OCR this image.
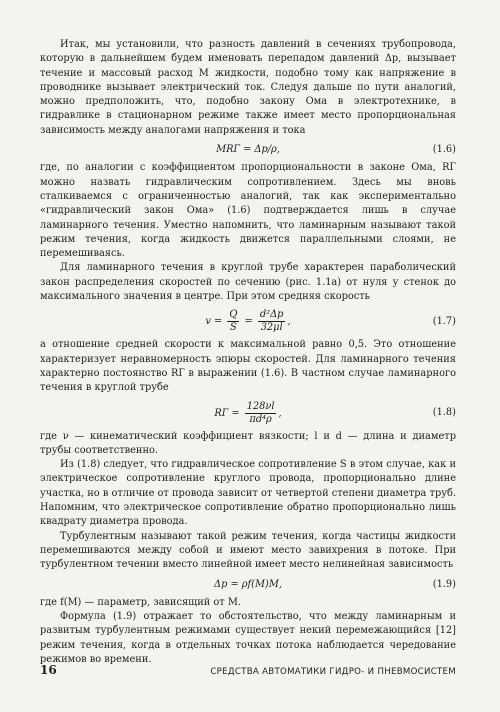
Итак, мы установили, что разность давлений в сечениях трубопровода, которую в дальнейшем будем именовать перепадом давлений Δp, вызывает течение и массовый расход M жидкости, подобно тому как напряжение в проводнике вызывает электрический ток. Следуя дальше по пути аналогий, можно предположить, что, подобно закону Ома в электротехнике, в гидравлике в стационарном режиме также имеет место пропорциональная зависимость между аналогами напряжения и тока

MRГ = Δp/ρ,	(1.6)

где, по аналогии с коэффициентом пропорциональности в законе Ома, RГ можно назвать гидравлическим сопротивлением. Здесь мы вновь сталкиваемся с ограниченностью аналогий, так как экспериментально «гидравлический закон Ома» (1.6) подтверждается лишь в случае ламинарного течения. Уместно напомнить, что ламинарным называют такой режим течения, когда жидкость движется параллельными слоями, не перемешиваясь.

Для ламинарного течения в круглой трубе характерен параболический закон распределения скоростей по сечению (рис. 1.1а) от нуля у стенок до максимального значения в центре. При этом средняя скорость

$v = \frac{Q}{S} = \frac{\text{d²Δp}}{32\mu l}$ ,	(1.7)

а отношение средней скорости к максимальной равно 0,5. Это отношение характеризует неравномерность эпюры скоростей. Для ламинарного течения характерно постоянство RГ в выражении (1.6). В частном случае ламинарного течения в круглой трубе

RГ = $\frac{128\nu l}{\text{πd⁴ρ}}$ ,	(1.8)

где ν — кинематический коэффициент вязкости; l и d — длина и диаметр трубы соответственно.

Из (1.8) следует, что гидравлическое сопротивление S в этом случае, как и электрическое сопротивление круглого провода, пропорционально длине участка, но в отличие от провода зависит от четвертой степени диаметра труб. Напомним, что электрическое сопротивление обратно пропорционально лишь квадрату диаметра провода.

Турбулентным называют такой режим течения, когда частицы жидкости перемешиваются между собой и имеют место завихрения в потоке. При турбулентном течении вместо линейной имеет место нелинейная зависимость

Δp = ρf(M)M,	(1.9)

где f(M) — параметр, зависящий от M.

Формула (1.9) отражает то обстоятельство, что между ламинарным и развитым турбулентным режимами существует некий перемежающийся [12] режим течения, когда в отдельных точках потока наблюдается чередование режимов во времени.

16	СРЕДСТВА АВТОМАТИКИ ГИДРО- И ПНЕВМОСИСТЕМ
